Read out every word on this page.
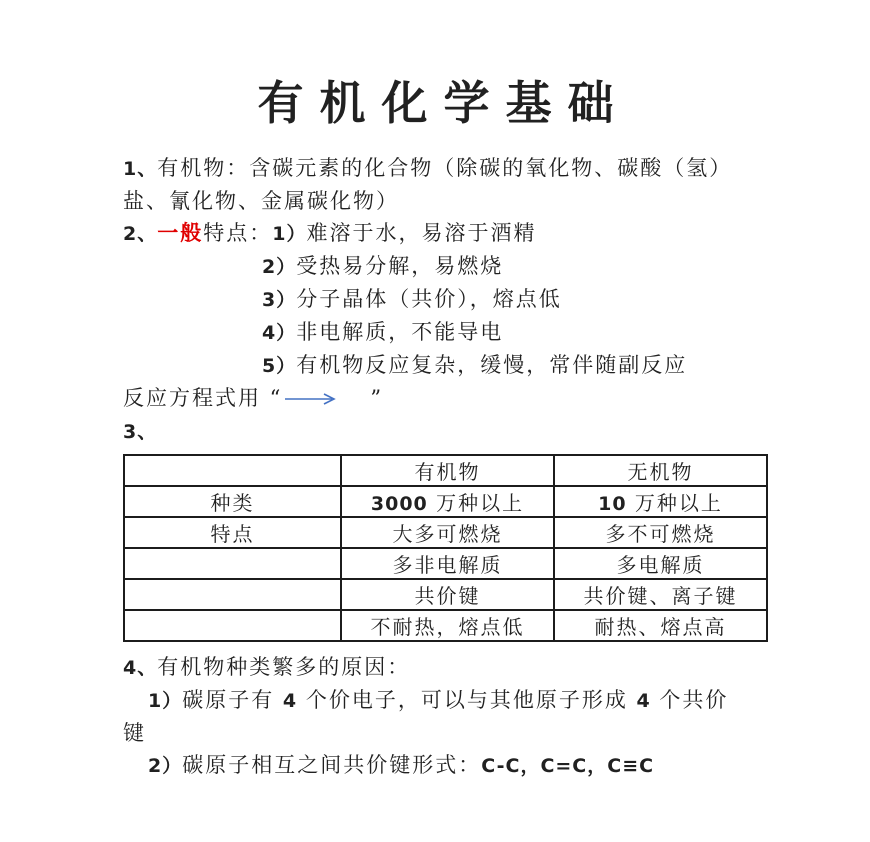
有机化学基础
1、有机物：含碳元素的化合物（除碳的氧化物、碳酸（氢）
盐、氰化物、金属碳化物）
2、一般特点：1）难溶于水，易溶于酒精
2）受热易分解，易燃烧
3）分子晶体（共价），熔点低
4）非电解质，不能导电
5）有机物反应复杂，缓慢，常伴随副反应
反应方程式用 “	”
3、
	有机物	无机物
种类	3000 万种以上	10 万种以上
特点	大多可燃烧	多不可燃烧
	多非电解质	多电解质
	共价键	共价键、离子键
	不耐热，熔点低	耐热、熔点高
4、有机物种类繁多的原因：
1）碳原子有 4 个价电子，可以与其他原子形成 4 个共价
键
2）碳原子相互之间共价键形式：C-C，C=C，C≡C
